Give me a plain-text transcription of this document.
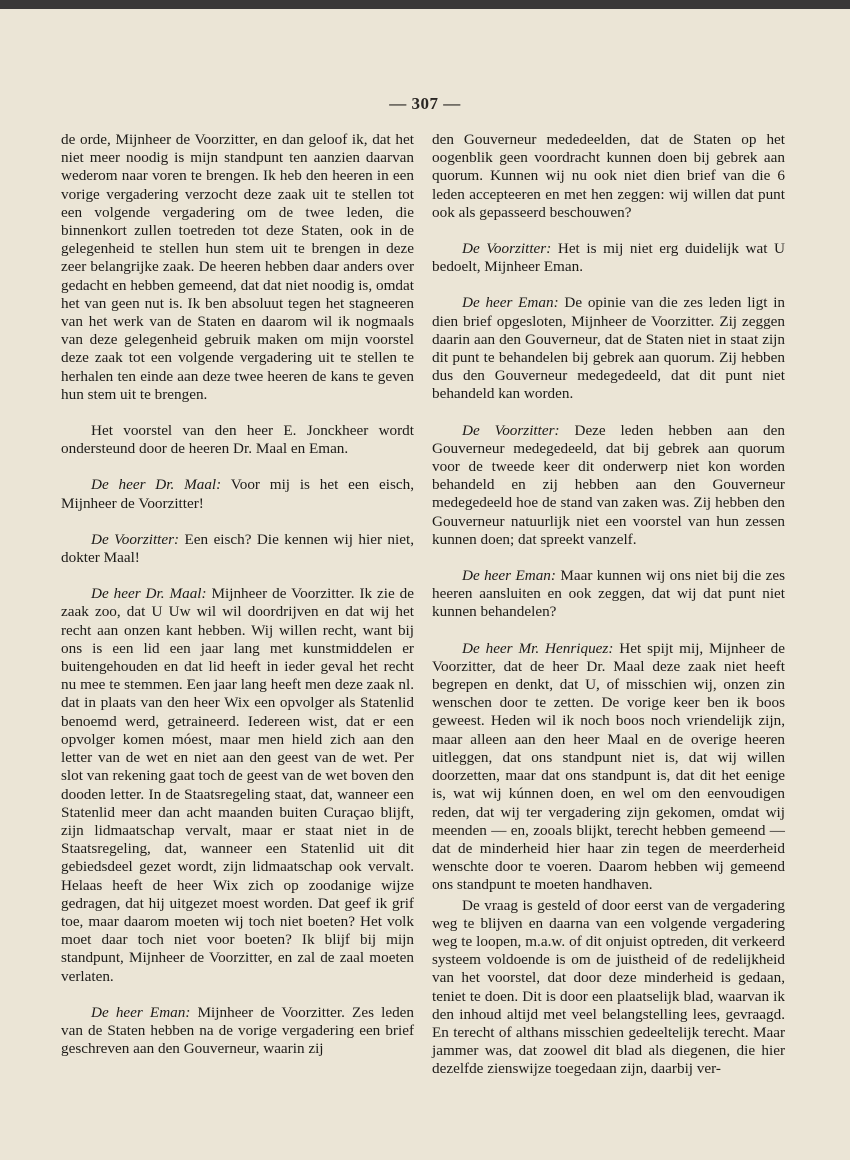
— 307 —

de orde, Mijnheer de Voorzitter, en dan geloof ik, dat het niet meer noodig is mijn standpunt ten aanzien daarvan wederom naar voren te brengen. Ik heb den heeren in een vorige vergadering verzocht deze zaak uit te stellen tot een volgende vergadering om de twee leden, die binnenkort zullen toetreden tot deze Staten, ook in de gelegenheid te stellen hun stem uit te brengen in deze zeer belangrijke zaak. De heeren hebben daar anders over gedacht en hebben gemeend, dat dat niet noodig is, omdat het van geen nut is. Ik ben absoluut tegen het stagneeren van het werk van de Staten en daarom wil ik nogmaals van deze gelegenheid gebruik maken om mijn voorstel deze zaak tot een volgende vergadering uit te stellen te herhalen ten einde aan deze twee heeren de kans te geven hun stem uit te brengen.

Het voorstel van den heer E. Jonckheer wordt ondersteund door de heeren Dr. Maal en Eman.

De heer Dr. Maal: Voor mij is het een eisch, Mijnheer de Voorzitter!

De Voorzitter: Een eisch? Die kennen wij hier niet, dokter Maal!

De heer Dr. Maal: Mijnheer de Voorzitter. Ik zie de zaak zoo, dat U Uw wil wil doordrijven en dat wij het recht aan onzen kant hebben. Wij willen recht, want bij ons is een lid een jaar lang met kunstmiddelen er buitengehouden en dat lid heeft in ieder geval het recht nu mee te stemmen. Een jaar lang heeft men deze zaak nl. dat in plaats van den heer Wix een opvolger als Statenlid benoemd werd, getraineerd. Iedereen wist, dat er een opvolger komen móest, maar men hield zich aan den letter van de wet en niet aan den geest van de wet. Per slot van rekening gaat toch de geest van de wet boven den dooden letter. In de Staatsregeling staat, dat, wanneer een Statenlid meer dan acht maanden buiten Curaçao blijft, zijn lidmaatschap vervalt, maar er staat niet in de Staatsregeling, dat, wanneer een Statenlid uit dit gebiedsdeel gezet wordt, zijn lidmaatschap ook vervalt. Helaas heeft de heer Wix zich op zoodanige wijze gedragen, dat hij uitgezet moest worden. Dat geef ik grif toe, maar daarom moeten wij toch niet boeten? Het volk moet daar toch niet voor boeten? Ik blijf bij mijn standpunt, Mijnheer de Voorzitter, en zal de zaal moeten verlaten.

De heer Eman: Mijnheer de Voorzitter. Zes leden van de Staten hebben na de vorige vergadering een brief geschreven aan den Gouverneur, waarin zij

den Gouverneur mededeelden, dat de Staten op het oogenblik geen voordracht kunnen doen bij gebrek aan quorum. Kunnen wij nu ook niet dien brief van die 6 leden accepteeren en met hen zeggen: wij willen dat punt ook als gepasseerd beschouwen?

De Voorzitter: Het is mij niet erg duidelijk wat U bedoelt, Mijnheer Eman.

De heer Eman: De opinie van die zes leden ligt in dien brief opgesloten, Mijnheer de Voorzitter. Zij zeggen daarin aan den Gouverneur, dat de Staten niet in staat zijn dit punt te behandelen bij gebrek aan quorum. Zij hebben dus den Gouverneur medegedeeld, dat dit punt niet behandeld kan worden.

De Voorzitter: Deze leden hebben aan den Gouverneur medegedeeld, dat bij gebrek aan quorum voor de tweede keer dit onderwerp niet kon worden behandeld en zij hebben aan den Gouverneur medegedeeld hoe de stand van zaken was. Zij hebben den Gouverneur natuurlijk niet een voorstel van hun zessen kunnen doen; dat spreekt vanzelf.

De heer Eman: Maar kunnen wij ons niet bij die zes heeren aansluiten en ook zeggen, dat wij dat punt niet kunnen behandelen?

De heer Mr. Henriquez: Het spijt mij, Mijnheer de Voorzitter, dat de heer Dr. Maal deze zaak niet heeft begrepen en denkt, dat U, of misschien wij, onzen zin wenschen door te zetten. De vorige keer ben ik boos geweest. Heden wil ik noch boos noch vriendelijk zijn, maar alleen aan den heer Maal en de overige heeren uitleggen, dat ons standpunt niet is, dat wij willen doorzetten, maar dat ons standpunt is, dat dit het eenige is, wat wij kúnnen doen, en wel om den eenvoudigen reden, dat wij ter vergadering zijn gekomen, omdat wij meenden — en, zooals blijkt, terecht hebben gemeend — dat de minderheid hier haar zin tegen de meerderheid wenschte door te voeren. Daarom hebben wij gemeend ons standpunt te moeten handhaven.

De vraag is gesteld of door eerst van de vergadering weg te blijven en daarna van een volgende vergadering weg te loopen, m.a.w. of dit onjuist optreden, dit verkeerd systeem voldoende is om de juistheid of de redelijkheid van het voorstel, dat door deze minderheid is gedaan, teniet te doen. Dit is door een plaatselijk blad, waarvan ik den inhoud altijd met veel belangstelling lees, gevraagd. En terecht of althans misschien gedeeltelijk terecht. Maar jammer was, dat zoowel dit blad als diegenen, die hier dezelfde zienswijze toegedaan zijn, daarbij ver-
